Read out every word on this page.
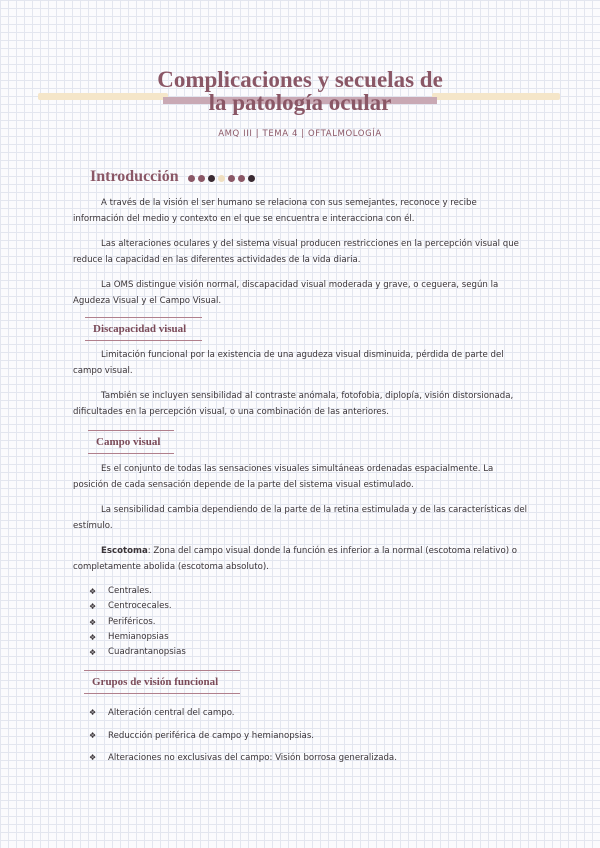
Complicaciones y secuelas de
la patología ocular
AMQ III | TEMA 4 | OFTALMOLOGÍA
Introducción
A través de la visión el ser humano se relaciona con sus semejantes, reconoce y recibe información del medio y contexto en el que se encuentra e interacciona con él.
Las alteraciones oculares y del sistema visual producen restricciones en la percepción visual que reduce la capacidad en las diferentes actividades de la vida diaria.
La OMS distingue visión normal, discapacidad visual moderada y grave, o ceguera, según la Agudeza Visual y el Campo Visual.
Discapacidad visual
Limitación funcional por la existencia de una agudeza visual disminuida, pérdida de parte del campo visual.
También se incluyen sensibilidad al contraste anómala, fotofobia, diplopía, visión distorsionada, dificultades en la percepción visual, o una combinación de las anteriores.
Campo visual
Es el conjunto de todas las sensaciones visuales simultáneas ordenadas espacialmente. La posición de cada sensación depende de la parte del sistema visual estimulado.
La sensibilidad cambia dependiendo de la parte de la retina estimulada y de las características del estímulo.
Escotoma: Zona del campo visual donde la función es inferior a la normal (escotoma relativo) o completamente abolida (escotoma absoluto).
❖ Centrales.
❖ Centrocecales.
❖ Periféricos.
❖ Hemianopsias
❖ Cuadrantanopsias
Grupos de visión funcional
❖ Alteración central del campo.
❖ Reducción periférica de campo y hemianopsias.
❖ Alteraciones no exclusivas del campo: Visión borrosa generalizada.
